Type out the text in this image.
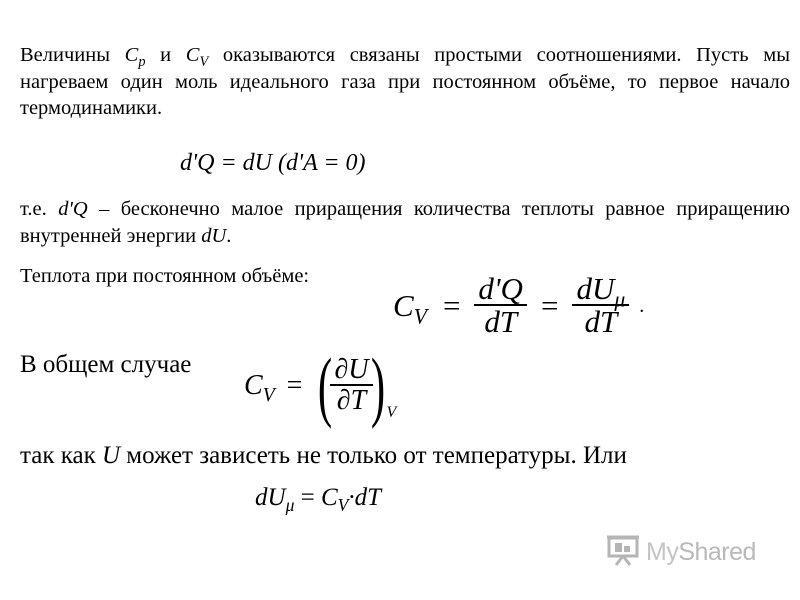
Величины $C_p$ и $C_V$ оказываются связаны простыми соотношениями. Пусть мы нагреваем один моль идеального газа при постоянном объёме, то первое начало термодинамики.
d'Q = dU (d'A = 0)
т.е. d'Q – бесконечно малое приращения количества теплоты равное приращению внутренней энергии dU.
Теплота при постоянном объёме:
$C_V = \frac{d'Q}{dT} = \frac{dU_\mu}{dT}$ .
В общем случае
$C_V$ = (
$\frac{\partial U}{\partial T}$
) V
так как U может зависеть не только от температуры. Или
$dU_\mu = C_V\cdot dT$
MyShared
